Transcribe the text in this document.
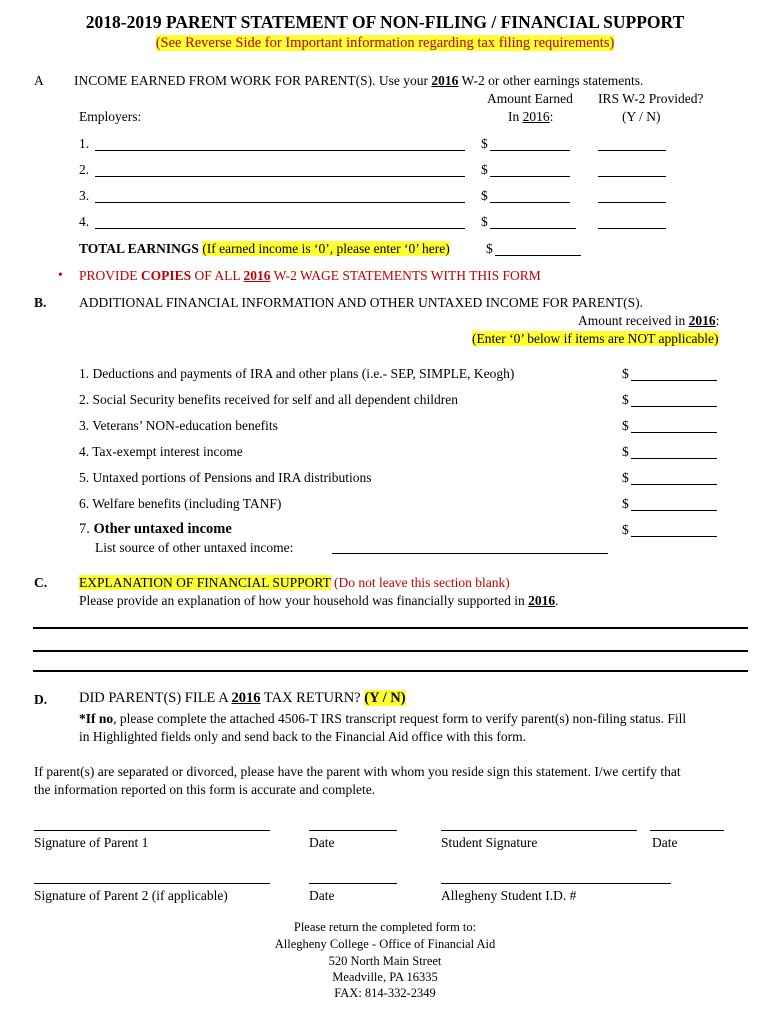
2018-2019 PARENT STATEMENT OF NON-FILING / FINANCIAL SUPPORT
(See Reverse Side for Important information regarding tax filing requirements)
A INCOME EARNED FROM WORK FOR PARENT(S). Use your 2016 W-2 or other earnings statements.
Amount Earned
In 2016:
IRS W-2 Provided?
(Y / N)
Employers:
1.	$
2.	$
3.	$
4.	$
TOTAL EARNINGS (If earned income is ‘0’, please enter ‘0’ here)	$
• PROVIDE COPIES OF ALL 2016 W-2 WAGE STATEMENTS WITH THIS FORM
B. ADDITIONAL FINANCIAL INFORMATION AND OTHER UNTAXED INCOME FOR PARENT(S).
Amount received in 2016:
(Enter ‘0’ below if items are NOT applicable)
1. Deductions and payments of IRA and other plans (i.e.- SEP, SIMPLE, Keogh)	$
2. Social Security benefits received for self and all dependent children	$
3. Veterans’ NON-education benefits	$
4. Tax-exempt interest income	$
5. Untaxed portions of Pensions and IRA distributions	$
6. Welfare benefits (including TANF)	$
7. Other untaxed income	$
List source of other untaxed income:
C. EXPLANATION OF FINANCIAL SUPPORT (Do not leave this section blank)
Please provide an explanation of how your household was financially supported in 2016.
D. DID PARENT(S) FILE A 2016 TAX RETURN? (Y / N)
*If no, please complete the attached 4506-T IRS transcript request form to verify parent(s) non-filing status. Fill
in Highlighted fields only and send back to the Financial Aid office with this form.
If parent(s) are separated or divorced, please have the parent with whom you reside sign this statement. I/we certify that
the information reported on this form is accurate and complete.
Signature of Parent 1	Date	Student Signature	Date
Signature of Parent 2 (if applicable)	Date	Allegheny Student I.D. #
Please return the completed form to:
Allegheny College - Office of Financial Aid
520 North Main Street
Meadville, PA 16335
FAX: 814-332-2349
